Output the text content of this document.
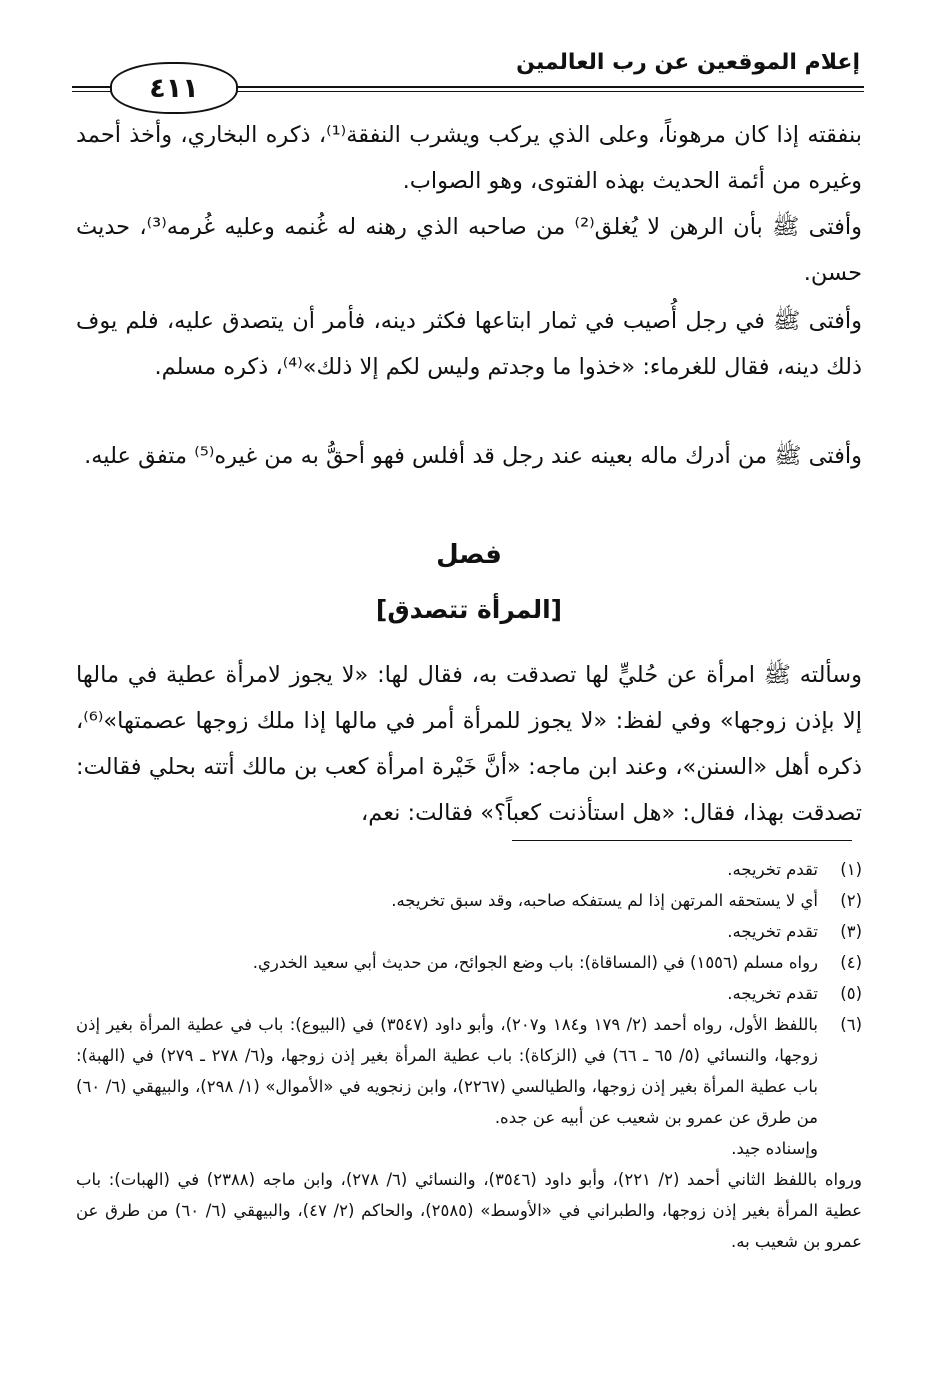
٤١١
إعلام الموقعين عن رب العالمين
بنفقته إذا كان مرهوناً، وعلى الذي يركب ويشرب النفقة⁽¹⁾، ذكره البخاري، وأخذ أحمد وغيره من أئمة الحديث بهذه الفتوى، وهو الصواب.
وأفتى ﷺ بأن الرهن لا يُغلق⁽²⁾ من صاحبه الذي رهنه له غُنمه وعليه غُرمه⁽³⁾، حديث حسن.
وأفتى ﷺ في رجل أُصيب في ثمار ابتاعها فكثر دينه، فأمر أن يتصدق عليه، فلم يوف ذلك دينه، فقال للغرماء: «خذوا ما وجدتم وليس لكم إلا ذلك»⁽⁴⁾، ذكره مسلم.
وأفتى ﷺ من أدرك ماله بعينه عند رجل قد أفلس فهو أحقُّ به من غيره⁽⁵⁾ متفق عليه.
فصل
[المرأة تتصدق]
وسألته ﷺ امرأة عن حُليٍّ لها تصدقت به، فقال لها: «لا يجوز لامرأة عطية في مالها إلا بإذن زوجها» وفي لفظ: «لا يجوز للمرأة أمر في مالها إذا ملك زوجها عصمتها»⁽⁶⁾، ذكره أهل «السنن»، وعند ابن ماجه: «أنَّ خَيْرة امرأة كعب بن مالك أتته بحلي فقالت: تصدقت بهذا، فقال: «هل استأذنت كعباً؟» فقالت: نعم،
(١)
تقدم تخريجه.
(٢)
أي لا يستحقه المرتهن إذا لم يستفكه صاحبه، وقد سبق تخريجه.
(٣)
تقدم تخريجه.
(٤)
رواه مسلم (١٥٥٦) في (المساقاة): باب وضع الجوائح، من حديث أبي سعيد الخدري.
(٥)
تقدم تخريجه.
(٦)
باللفظ الأول، رواه أحمد (٢/ ١٧٩ و١٨٤ و٢٠٧)، وأبو داود (٣٥٤٧) في (البيوع): باب في عطية المرأة بغير إذن زوجها، والنسائي (٥/ ٦٥ ـ ٦٦) في (الزكاة): باب عطية المرأة بغير إذن زوجها، و(٦/ ٢٧٨ ـ ٢٧٩) في (الهبة): باب عطية المرأة بغير إذن زوجها، والطيالسي (٢٢٦٧)، وابن زنجويه في «الأموال» (١/ ٢٩٨)، والبيهقي (٦/ ٦٠) من طرق عن عمرو بن شعيب عن أبيه عن جده.
وإسناده جيد.
ورواه باللفظ الثاني أحمد (٢/ ٢٢١)، وأبو داود (٣٥٤٦)، والنسائي (٦/ ٢٧٨)، وابن ماجه (٢٣٨٨) في (الهبات): باب عطية المرأة بغير إذن زوجها، والطبراني في «الأوسط» (٢٥٨٥)، والحاكم (٢/ ٤٧)، والبيهقي (٦/ ٦٠) من طرق عن عمرو بن شعيب به.
